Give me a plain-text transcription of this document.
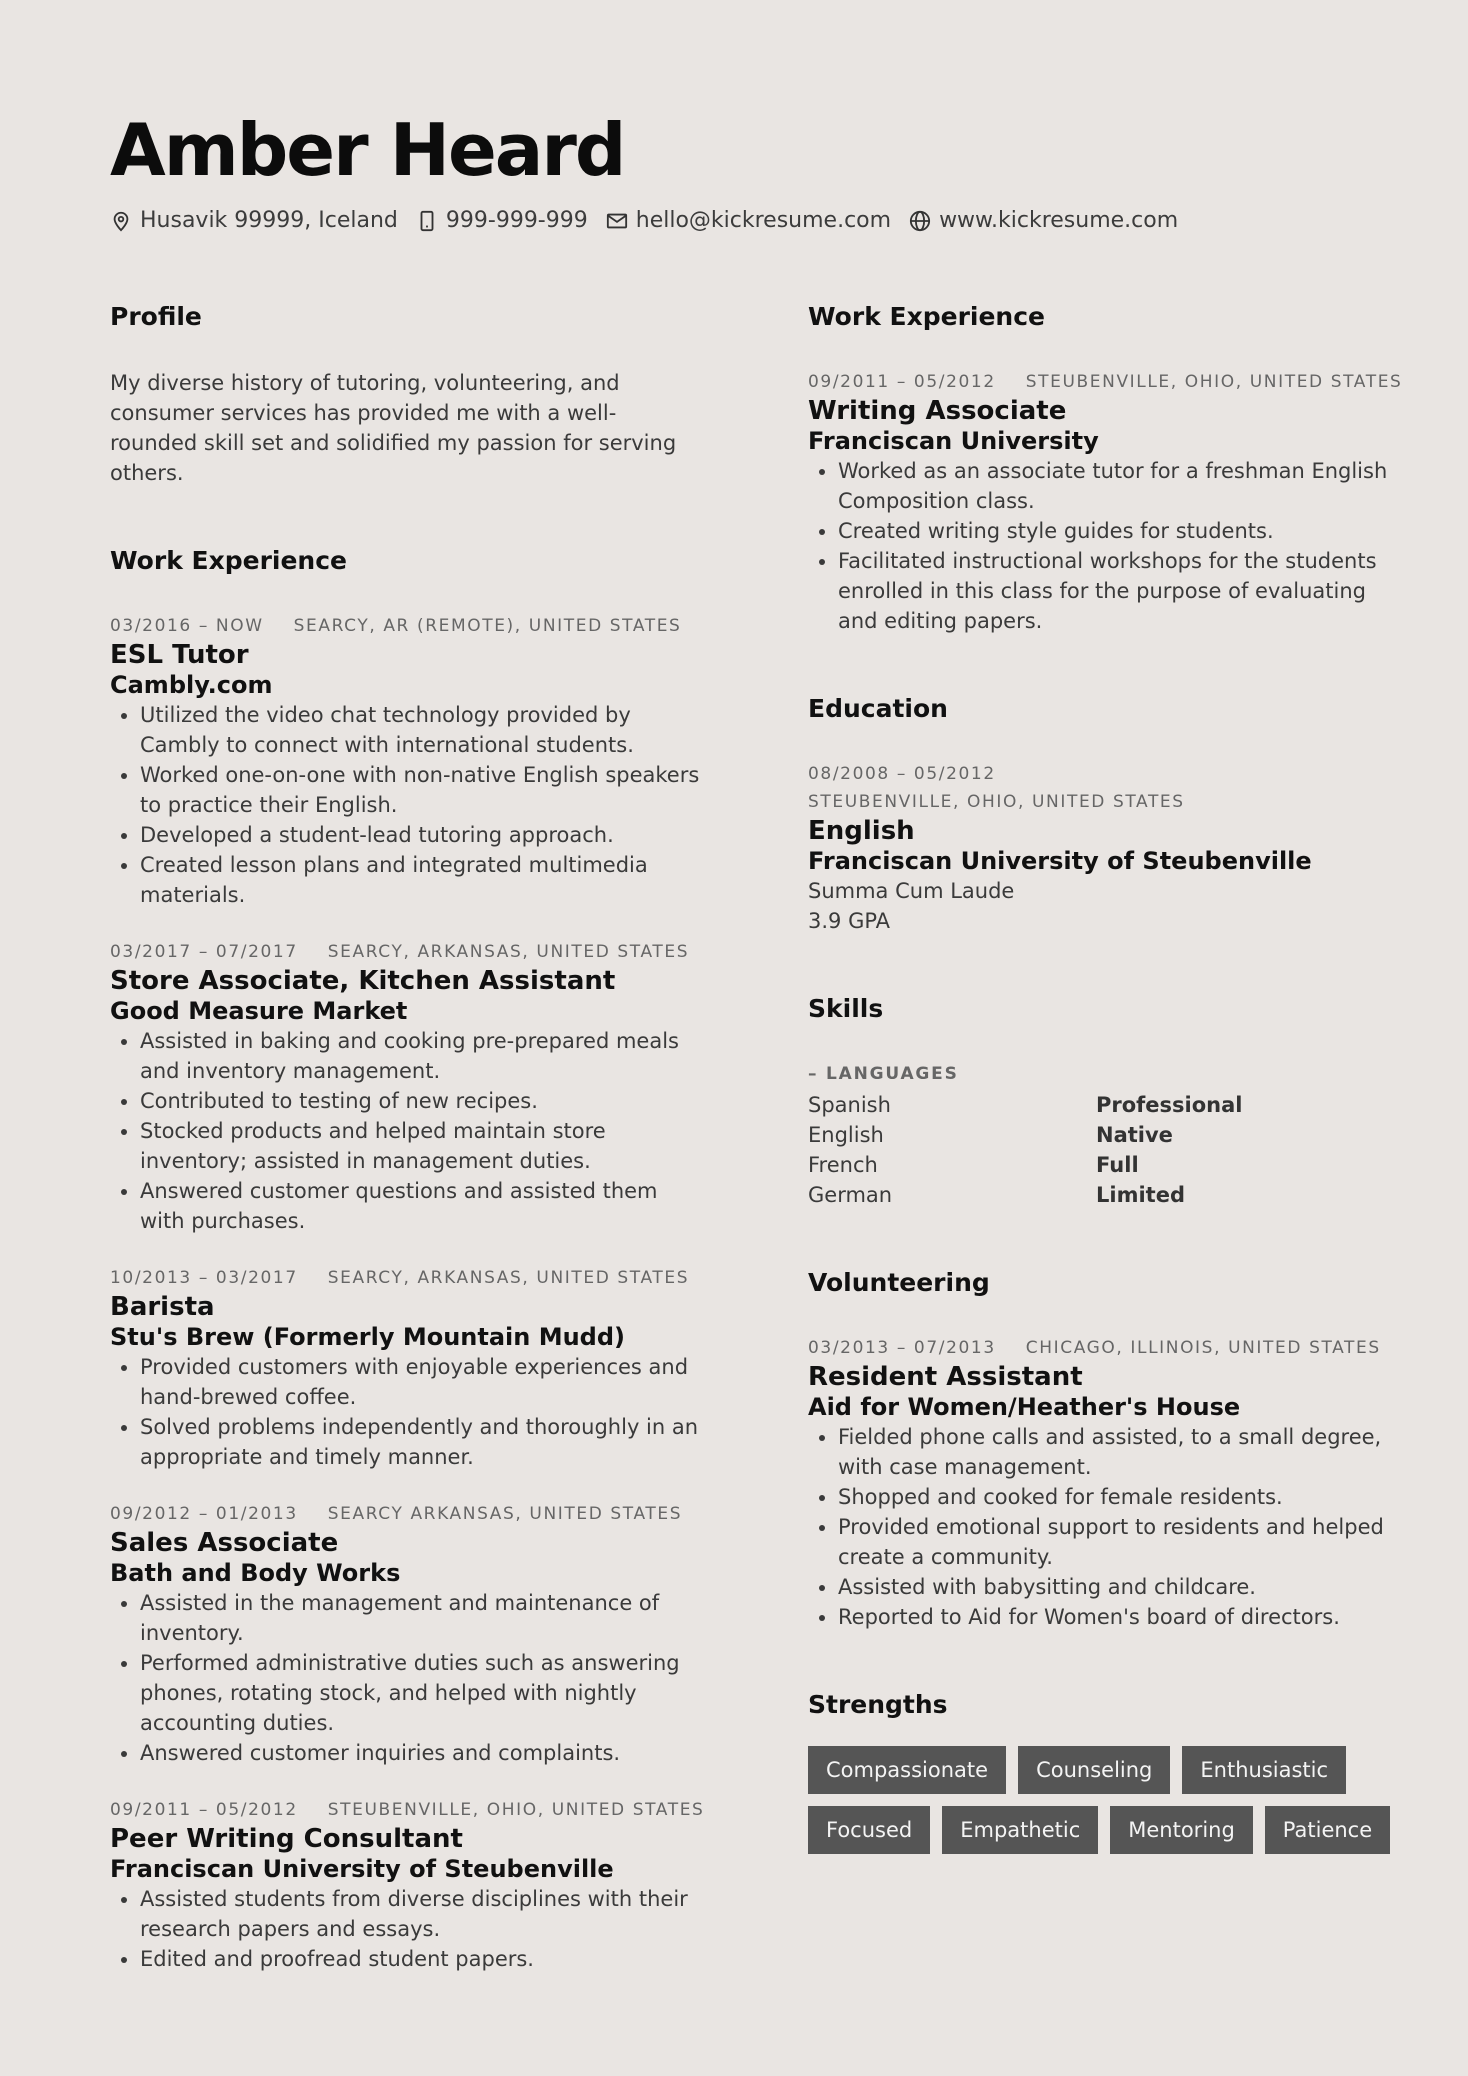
Amber Heard
Husavik 99999, Iceland 999-999-999 hello@kickresume.com www.kickresume.com
Profile

My diverse history of tutoring, volunteering, and consumer services has provided me with a well-rounded skill set and solidified my passion for serving others.

Work Experience
03/2016 – NOW SEARCY, AR (REMOTE), UNITED STATES
ESL Tutor
Cambly.com
• Utilized the video chat technology provided by Cambly to connect with international students.
• Worked one-on-one with non-native English speakers to practice their English.
• Developed a student-lead tutoring approach.
• Created lesson plans and integrated multimedia materials.
03/2017 – 07/2017 SEARCY, ARKANSAS, UNITED STATES
Store Associate, Kitchen Assistant
Good Measure Market
• Assisted in baking and cooking pre-prepared meals and inventory management.
• Contributed to testing of new recipes.
• Stocked products and helped maintain store inventory; assisted in management duties.
• Answered customer questions and assisted them with purchases.
10/2013 – 03/2017 SEARCY, ARKANSAS, UNITED STATES
Barista
Stu's Brew (Formerly Mountain Mudd)
• Provided customers with enjoyable experiences and hand-brewed coffee.
• Solved problems independently and thoroughly in an appropriate and timely manner.
09/2012 – 01/2013 SEARCY ARKANSAS, UNITED STATES
Sales Associate
Bath and Body Works
• Assisted in the management and maintenance of inventory.
• Performed administrative duties such as answering phones, rotating stock, and helped with nightly accounting duties.
• Answered customer inquiries and complaints.
09/2011 – 05/2012 STEUBENVILLE, OHIO, UNITED STATES
Peer Writing Consultant
Franciscan University of Steubenville
• Assisted students from diverse disciplines with their research papers and essays.
• Edited and proofread student papers.
Work Experience
09/2011 – 05/2012 STEUBENVILLE, OHIO, UNITED STATES
Writing Associate
Franciscan University
• Worked as an associate tutor for a freshman English Composition class.
• Created writing style guides for students.
• Facilitated instructional workshops for the students enrolled in this class for the purpose of evaluating and editing papers.
Education
08/2008 – 05/2012
STEUBENVILLE, OHIO, UNITED STATES
English
Franciscan University of Steubenville
Summa Cum Laude
3.9 GPA
Skills
– LANGUAGES
Spanish	Professional
English	Native
French	Full
German	Limited
Volunteering
03/2013 – 07/2013 CHICAGO, ILLINOIS, UNITED STATES
Resident Assistant
Aid for Women/Heather's House
• Fielded phone calls and assisted, to a small degree, with case management.
• Shopped and cooked for female residents.
• Provided emotional support to residents and helped create a community.
• Assisted with babysitting and childcare.
• Reported to Aid for Women's board of directors.
Strengths
Compassionate	Counseling	Enthusiastic
Focused	Empathetic	Mentoring	Patience
